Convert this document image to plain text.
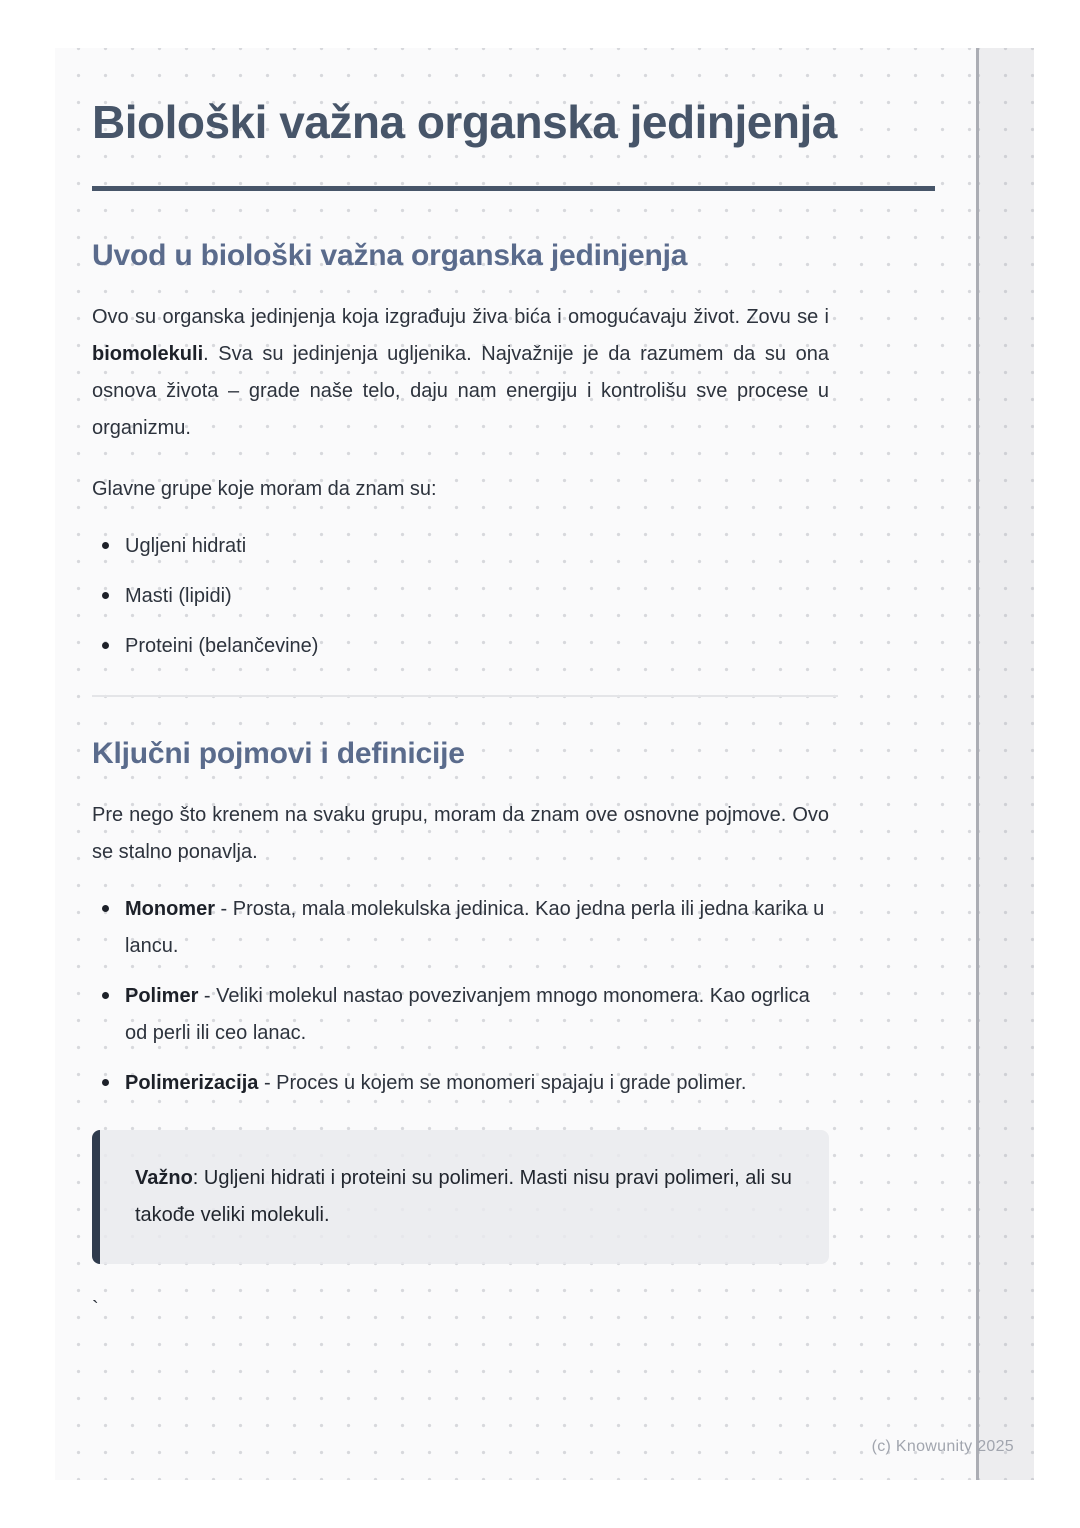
Biološki važna organska jedinjenja
Uvod u biološki važna organska jedinjenja

Ovo su organska jedinjenja koja izgrađuju živa bića i omogućavaju život. Zovu se i biomolekuli. Sva su jedinjenja ugljenika. Najvažnije je da razumem da su ona osnova života – grade naše telo, daju nam energiju i kontrolišu sve procese u organizmu.

Glavne grupe koje moram da znam su:

Ugljeni hidrati
Masti (lipidi)
Proteini (belančevine)
Ključni pojmovi i definicije

Pre nego što krenem na svaku grupu, moram da znam ove osnovne pojmove. Ovo se stalno ponavlja.

Monomer - Prosta, mala molekulska jedinica. Kao jedna perla ili jedna karika u lancu.
Polimer - Veliki molekul nastao povezivanjem mnogo monomera. Kao ogrlica od perli ili ceo lanac.
Polimerizacija - Proces u kojem se monomeri spajaju i grade polimer.

Važno: Ugljeni hidrati i proteini su polimeri. Masti nisu pravi polimeri, ali su takođe veliki molekuli.

`

(c) Knowunity 2025
